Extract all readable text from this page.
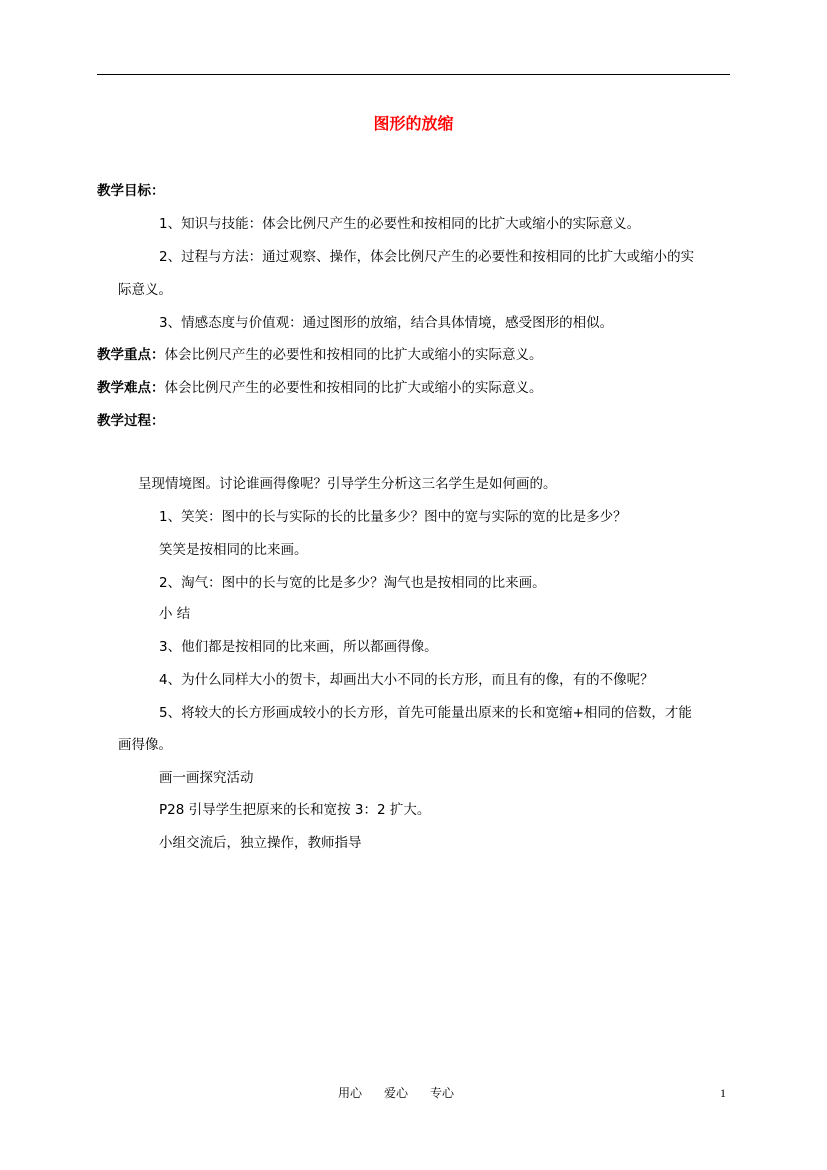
图形的放缩
教学目标：
1、知识与技能：体会比例尺产生的必要性和按相同的比扩大或缩小的实际意义。
2、过程与方法：通过观察、操作，体会比例尺产生的必要性和按相同的比扩大或缩小的实
际意义。
3、情感态度与价值观：通过图形的放缩，结合具体情境，感受图形的相似。
教学重点：体会比例尺产生的必要性和按相同的比扩大或缩小的实际意义。
教学难点：体会比例尺产生的必要性和按相同的比扩大或缩小的实际意义。
教学过程：
呈现情境图。讨论谁画得像呢？引导学生分析这三名学生是如何画的。
1、笑笑：图中的长与实际的长的比量多少？图中的宽与实际的宽的比是多少？
笑笑是按相同的比来画。
2、淘气：图中的长与宽的比是多少？淘气也是按相同的比来画。
小 结
3、他们都是按相同的比来画，所以都画得像。
4、为什么同样大小的贺卡，却画出大小不同的长方形，而且有的像，有的不像呢？
5、将较大的长方形画成较小的长方形，首先可能量出原来的长和宽缩+相同的倍数，才能
画得像。
画一画探究活动
P28 引导学生把原来的长和宽按 3：2 扩大。
小组交流后，独立操作，教师指导
用心 爱心 专心	1
